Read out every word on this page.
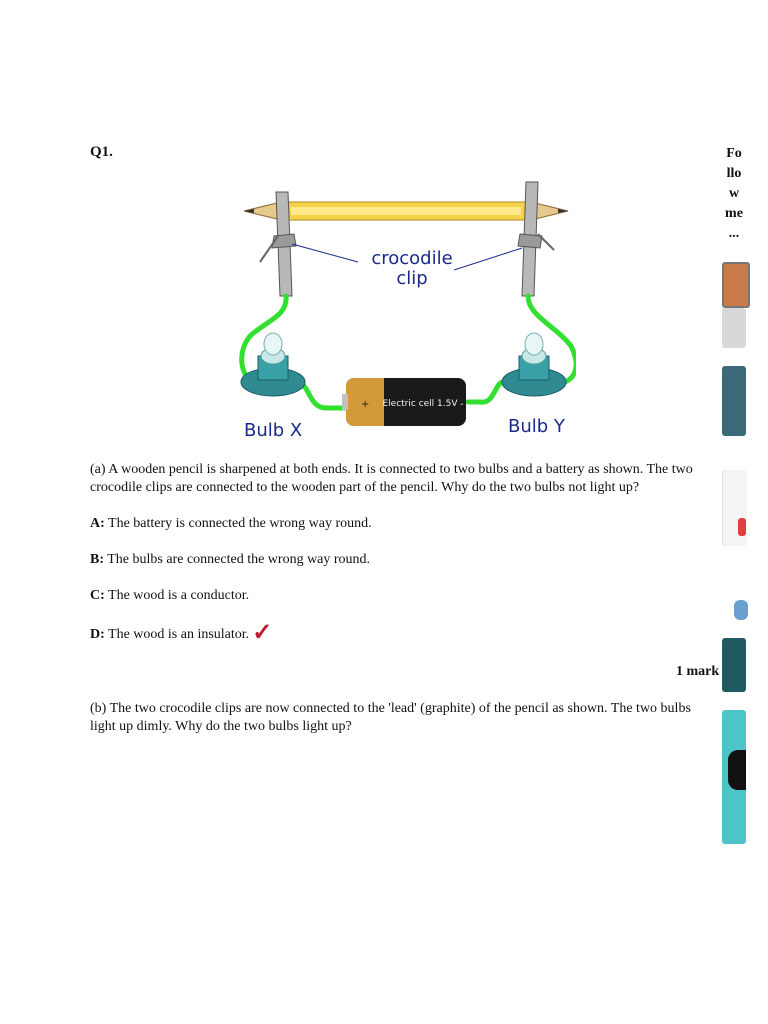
Q1.
crocodile
clip
+	-
Electric cell 1.5V
Bulb X	Bulb Y
(a) A wooden pencil is sharpened at both ends. It is connected to two bulbs and a battery as shown. The two crocodile clips are connected to the wooden part of the pencil. Why do the two bulbs not light up?
A: The battery is connected the wrong way round.
B: The bulbs are connected the wrong way round.
C: The wood is a conductor.
D: The wood is an insulator. ✓
1 mark
(b) The two crocodile clips are now connected to the 'lead' (graphite) of the pencil as shown. The two bulbs light up dimly. Why do the two bulbs light up?
Fo
llo
w
me
...
